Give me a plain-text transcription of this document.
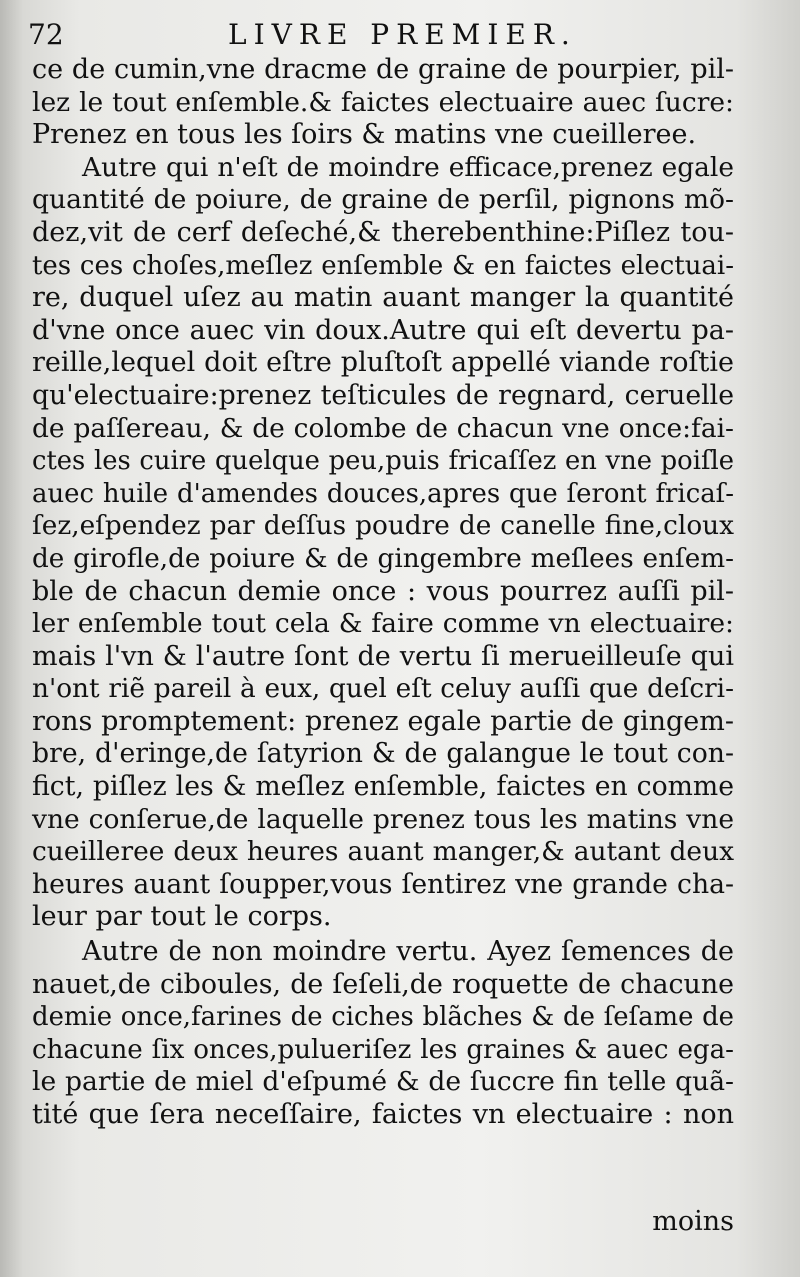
72	LIVRE PREMIER.
ce de cumin,vne dracme de graine de pourpier, pil-
lez le tout enſemble.& faictes electuaire auec ſucre:
Prenez en tous les ſoirs & matins vne cueilleree.
Autre qui n'eſt de moindre efficace,prenez egale
quantité de poiure, de graine de perſil, pignons mõ-
dez,vit de cerf deſeché,& therebenthine:Piſlez tou-
tes ces choſes,meſlez enſemble & en faictes electuai-
re, duquel uſez au matin auant manger la quantité
d'vne once auec vin doux.Autre qui eſt devertu pa-
reille,lequel doit eſtre pluſtoſt appellé viande roſtie
qu'electuaire:prenez teſticules de regnard, ceruelle
de paſſereau, & de colombe de chacun vne once:fai-
ctes les cuire quelque peu,puis fricaſſez en vne poiſle
auec huile d'amendes douces,apres que ſeront fricaſ-
ſez,eſpendez par deſſus poudre de canelle fine,cloux
de girofle,de poiure & de gingembre meſlees enſem-
ble de chacun demie once : vous pourrez auſſi pil-
ler enſemble tout cela & faire comme vn electuaire:
mais l'vn & l'autre ſont de vertu ſi merueilleuſe qui
n'ont riẽ pareil à eux, quel eſt celuy auſſi que deſcri-
rons promptement: prenez egale partie de gingem-
bre, d'eringe,de ſatyrion & de galangue le tout con-
fict, piſlez les & meſlez enſemble, faictes en comme
vne conſerue,de laquelle prenez tous les matins vne
cueilleree deux heures auant manger,& autant deux
heures auant ſoupper,vous ſentirez vne grande cha-
leur par tout le corps.
Autre de non moindre vertu. Ayez ſemences de
nauet,de ciboules, de ſeſeli,de roquette de chacune
demie once,farines de ciches blãches & de ſeſame de
chacune ſix onces,pulueriſez les graines & auec ega-
le partie de miel d'eſpumé & de ſuccre fin telle quã-
tité que ſera neceſſaire, faictes vn electuaire : non
moins
